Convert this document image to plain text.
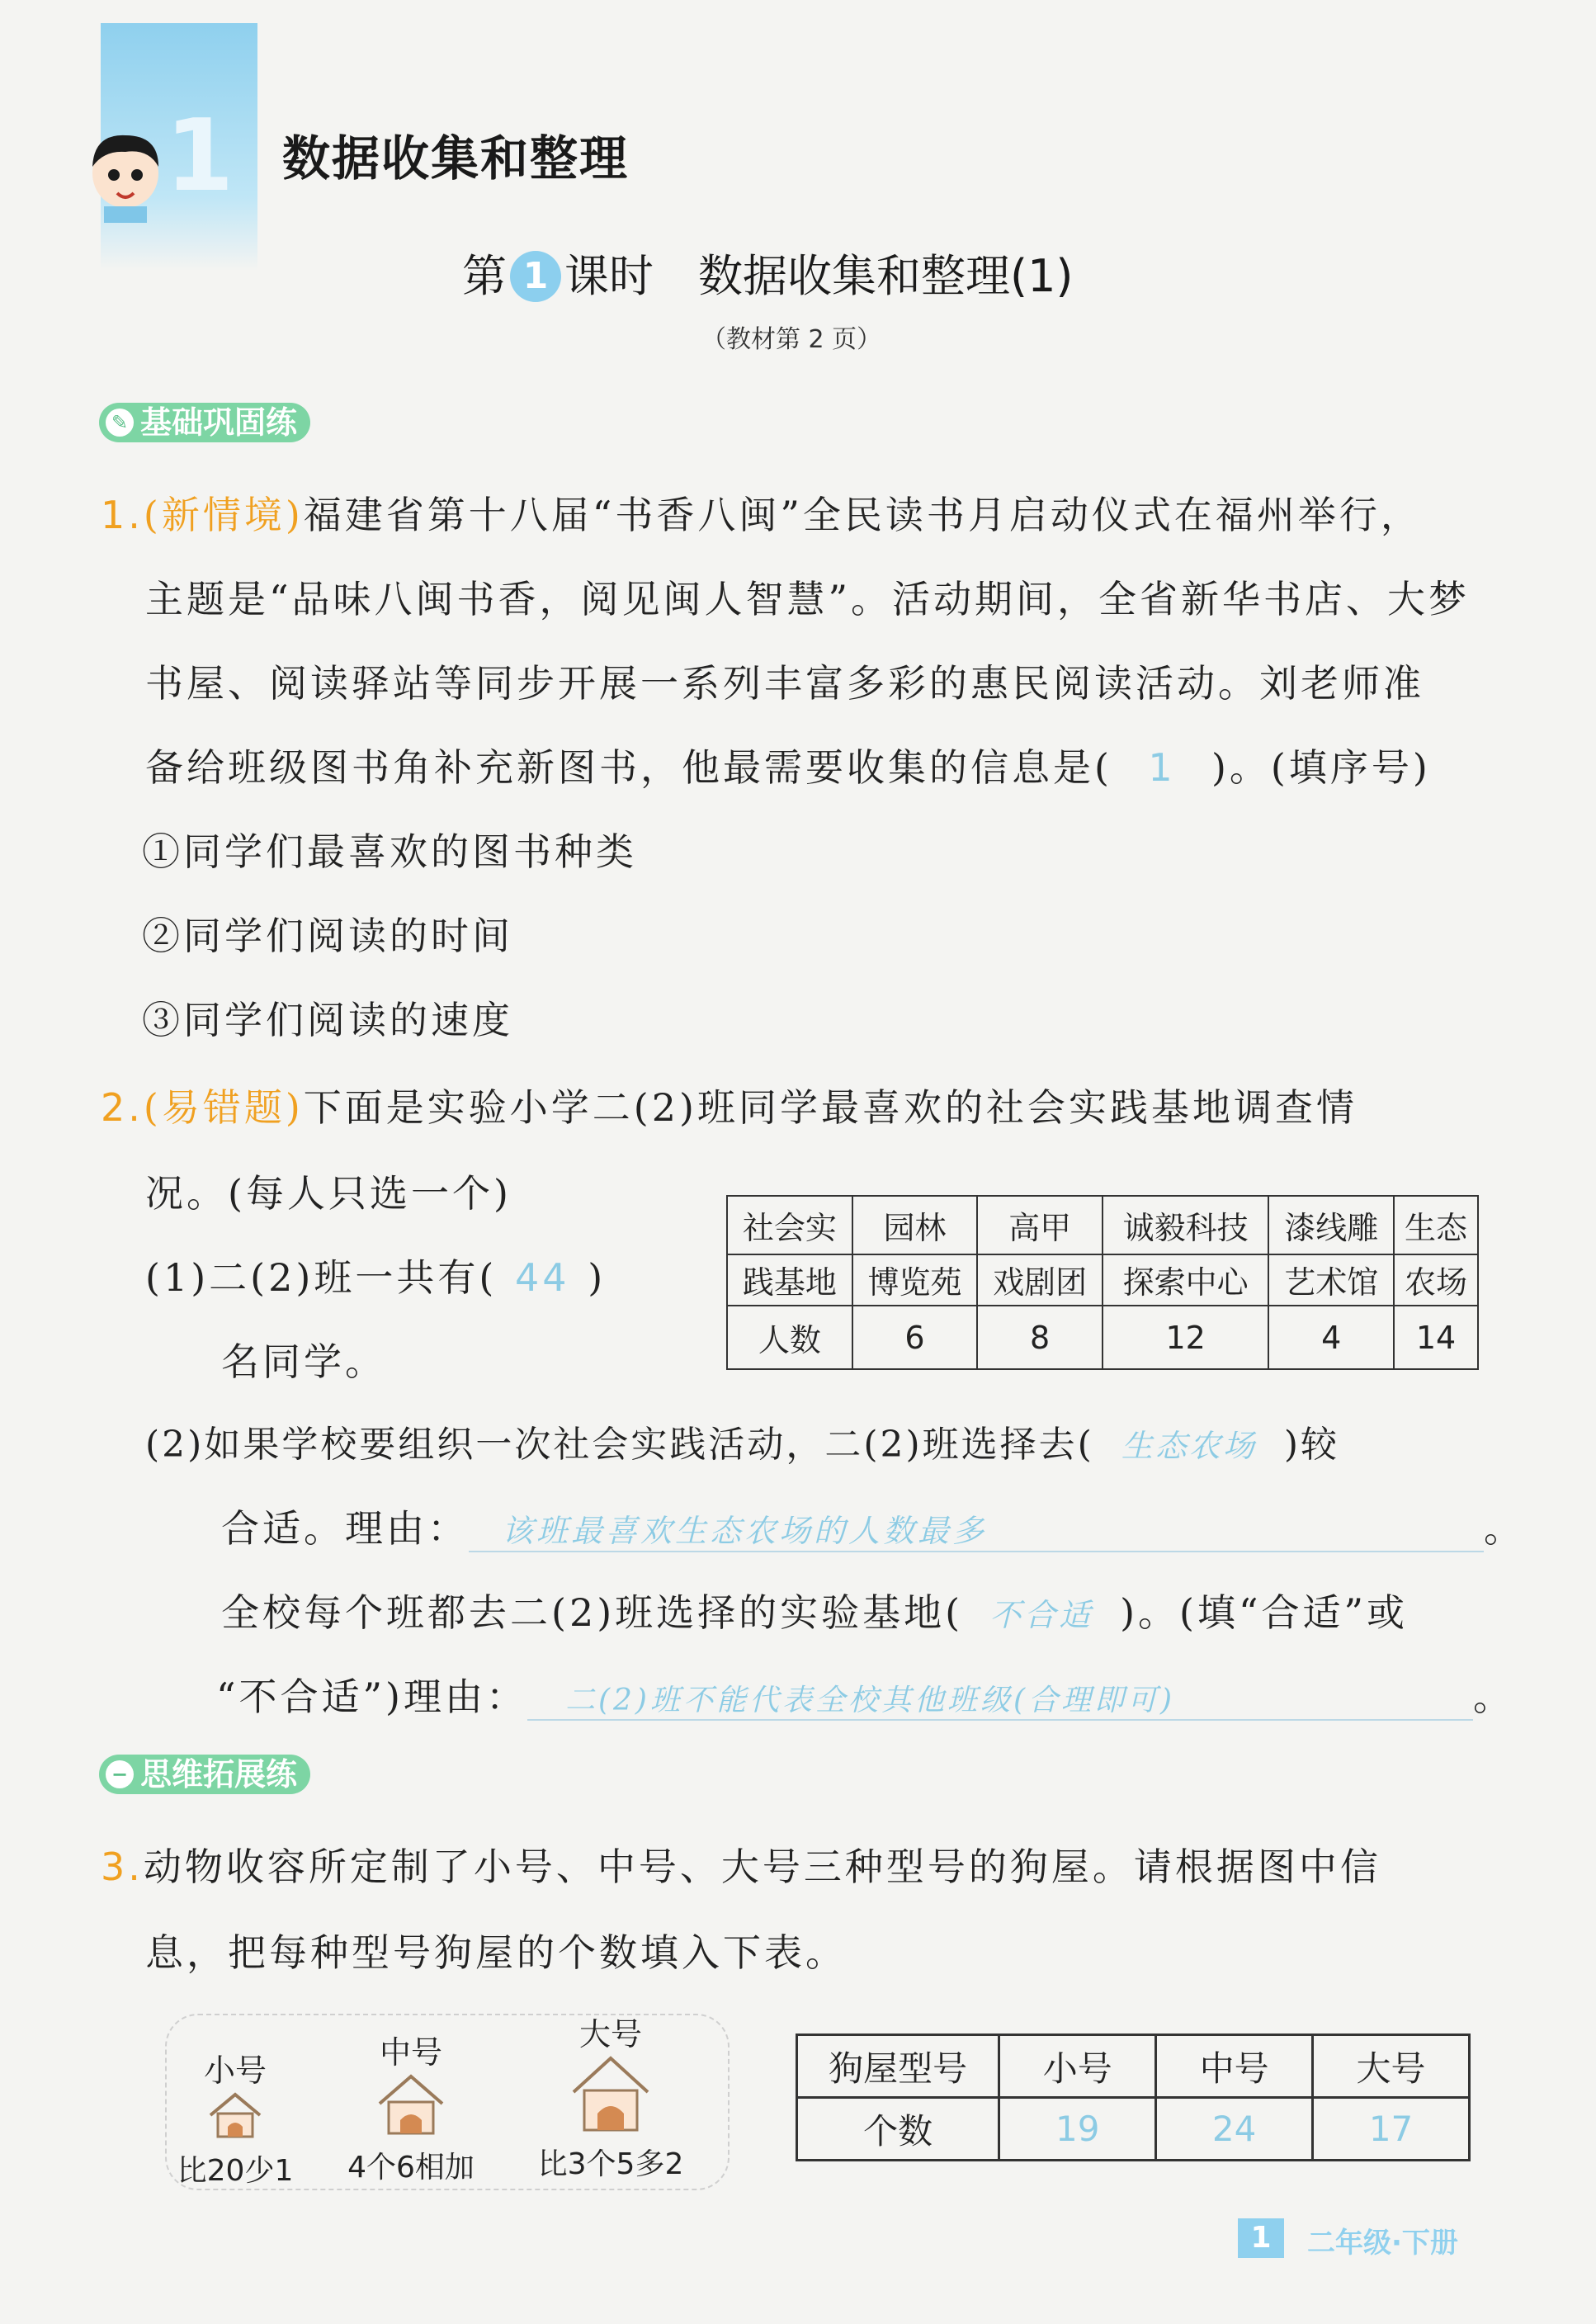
1 数据收集和整理
第 1 课时　数据收集和整理(1)
（教材第 2 页）
✎ 基础巩固练
1.(新情境)福建省第十八届“书香八闽”全民读书月启动仪式在福州举行，
主题是“品味八闽书香，阅见闽人智慧”。活动期间，全省新华书店、大梦
书屋、阅读驿站等同步开展一系列丰富多彩的惠民阅读活动。刘老师准
备给班级图书角补充新图书，他最需要收集的信息是( 1 )。(填序号)
①同学们最喜欢的图书种类
②同学们阅读的时间
③同学们阅读的速度
2.(易错题)下面是实验小学二(2)班同学最喜欢的社会实践基地调查情
况。(每人只选一个)
(1)二(2)班一共有( 44 )
名同学。
社会实	园林	高甲	诚毅科技	漆线雕	生态
践基地	博览苑	戏剧团	探索中心	艺术馆	农场
人数	6	8	12	4	14
(2)如果学校要组织一次社会实践活动，二(2)班选择去( 生态农场 )较
合适。理由： 该班最喜欢生态农场的人数最多	。
全校每个班都去二(2)班选择的实验基地( 不合适 )。(填“合适”或
“不合适”)理由： 二(2)班不能代表全校其他班级(合理即可)	。
− 思维拓展练
3.动物收容所定制了小号、中号、大号三种型号的狗屋。请根据图中信
息，把每种型号狗屋的个数填入下表。
小号
比20少1
中号
4个6相加
大号
比3个5多2
狗屋型号	小号	中号	大号
个数	19	24	17
1	二年级·下册
